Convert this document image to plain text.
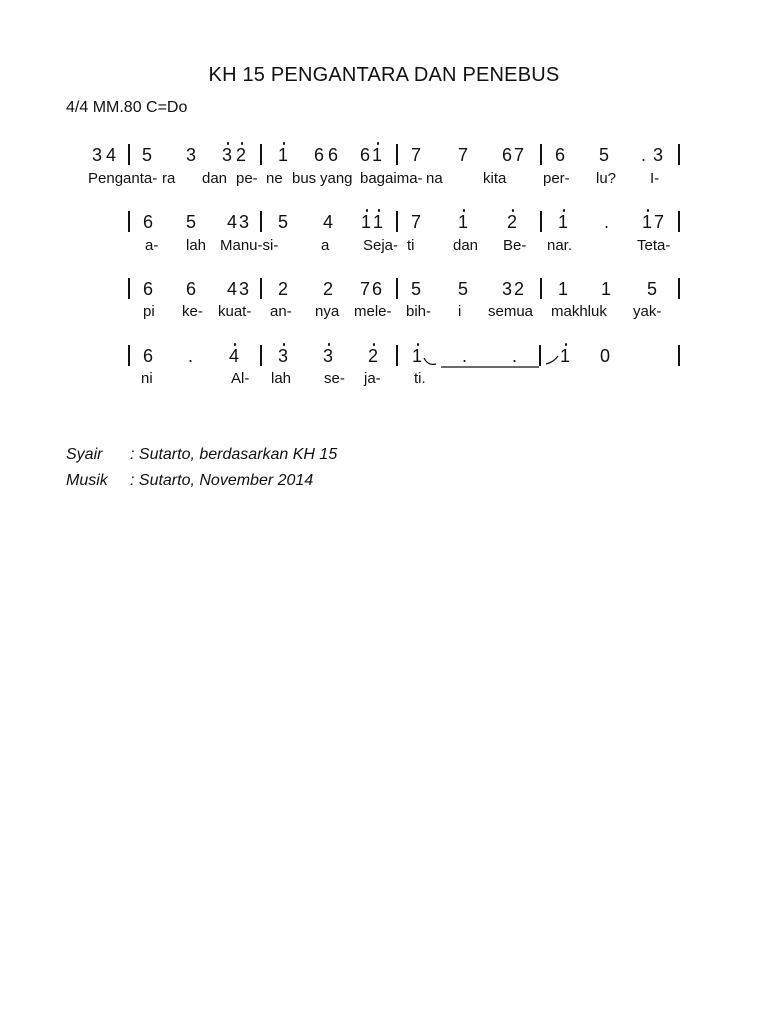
KH 15 PENGANTARA DAN PENEBUS
4/4 MM.80 C=Do
3 4 5 3 3 2 1 6 6 6 1 7 7 6 7 6 5 . 3
Penganta- ra dan pe- ne bus yang bagaima- na	kita per- lu? I-
6 5 4 3 5 4 1 1 7 1 2 1 . 1 7
a- lah Manu-si-	a Seja- ti	dan Be- nar.	Teta-
6 6 4 3 2 2 7 6 5 5 3 2 1 1 5
pi ke- kuat- an- nya mele- bih- i semua makhluk yak-
6 . 4 3 3 2 1 . . 1 0
ni	Al- lah se- ja- ti.
Syair : Sutarto, berdasarkan KH 15
Musik : Sutarto, November 2014
